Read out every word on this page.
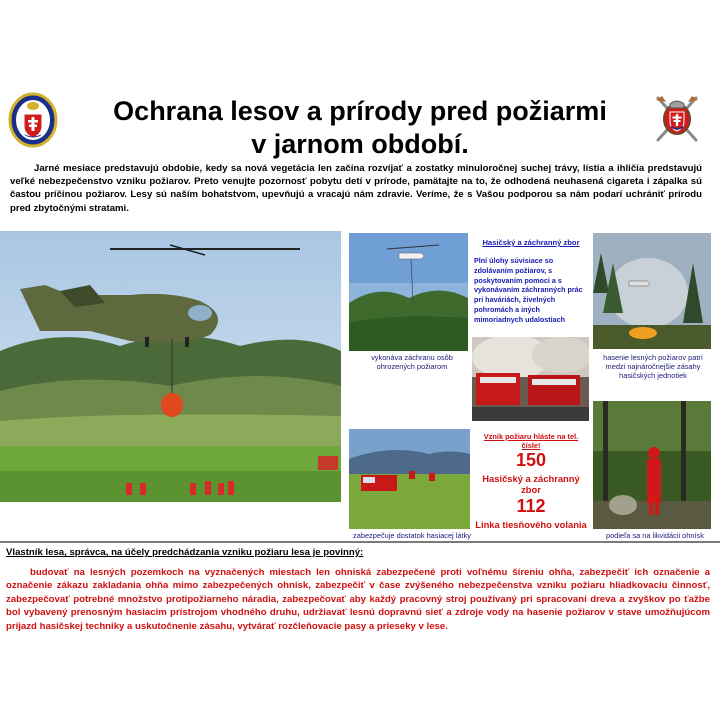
Ochrana lesov a prírody pred požiarmi
v jarnom období.

Jarné mesiace predstavujú obdobie, kedy sa nová vegetácia len začína rozvíjať a zostatky minuloročnej suchej trávy, lístia a ihličia predstavujú veľké nebezpečenstvo vzniku požiarov. Preto venujte pozornosť pobytu detí v prírode, pamätajte na to, že odhodená neuhasená cigareta i zápalka sú častou príčinou požiarov. Lesy sú naším bohatstvom, upevňujú a vracajú nám zdravie. Veríme, že s Vašou podporou sa nám podarí uchrániť prírodu pred zbytočnými stratami.

vykonáva záchranu osôb ohrozených požiarom
Hasičský a záchranný zbor
Plní úlohy súvisiace so zdolávaním požiarov, s poskytovaním pomoci a s vykonávaním záchranných prác pri haváriách, živelných pohromách a iných mimoriadnych udalostiach
hasenie lesných požiarov patrí medzi najnáročnejšie zásahy hasičských jednotiek
zabezpečuje dostatok hasiacej látky
Vznik požiaru hláste na tel. čísle!
150
Hasičský a záchranný zbor
112
Linka tiesňového volania
podieľa sa na likvidácii ohnísk
Vlastník lesa, správca, na účely predchádzania vzniku požiaru lesa je povinný:

budovať na lesných pozemkoch na vyznačených miestach len ohniská zabezpečené proti voľnému šíreniu ohňa, zabezpečiť ich označenie a označenie zákazu zakladania ohňa mimo zabezpečených ohnísk, zabezpečiť v čase zvýšeného nebezpečenstva vzniku požiaru hliadkovaciu činnosť, zabezpečovať potrebné množstvo protipožiarneho náradia, zabezpečovať aby každý pracovný stroj používaný pri spracovaní dreva a zvyškov po ťažbe bol vybavený prenosným hasiacim prístrojom vhodného druhu, udržiavať lesnú dopravnú sieť a zdroje vody na hasenie požiarov v stave umožňujúcom príjazd hasičskej techniky a uskutočnenie zásahu, vytvárať rozčleňovacie pasy a prieseky v lese.
